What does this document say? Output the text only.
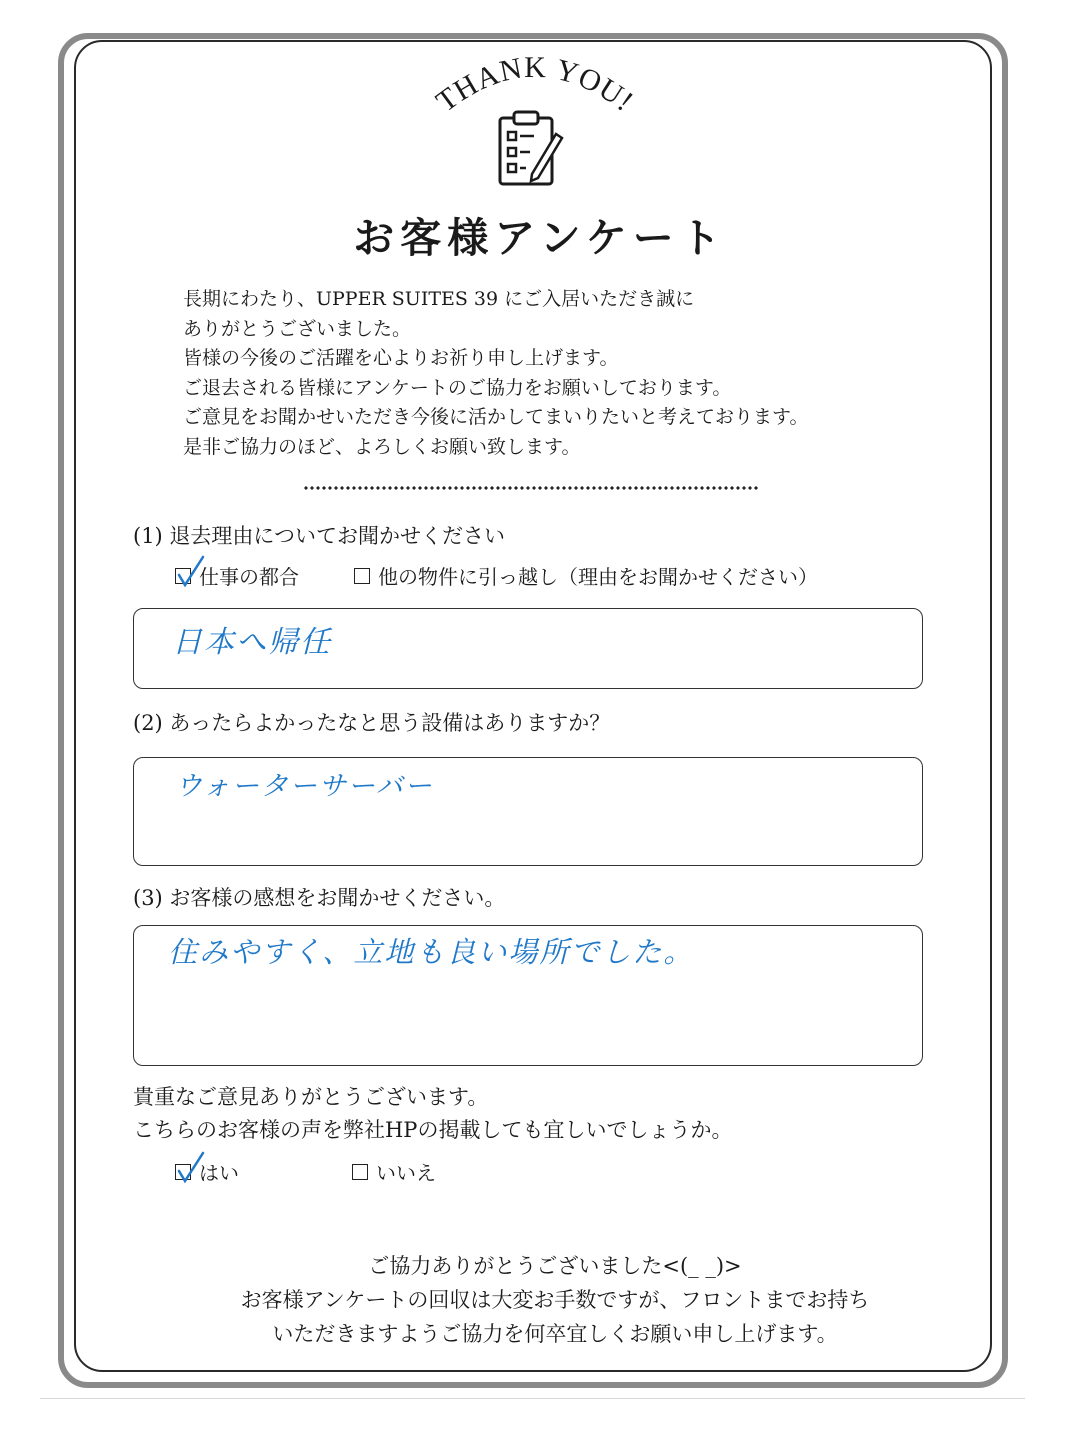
THANK YOU!
お客様アンケート
長期にわたり、UPPER SUITES 39 にご入居いただき誠に
ありがとうございました。
皆様の今後のご活躍を心よりお祈り申し上げます。
ご退去される皆様にアンケートのご協力をお願いしております。
ご意見をお聞かせいただき今後に活かしてまいりたいと考えております。
是非ご協力のほど、よろしくお願い致します。
(1) 退去理由についてお聞かせください
仕事の都合	他の物件に引っ越し（理由をお聞かせください）
日本へ帰任
(2) あったらよかったなと思う設備はありますか？
ウォーターサーバー
(3) お客様の感想をお聞かせください。
住みやすく、立地も良い場所でした。
貴重なご意見ありがとうございます。
こちらのお客様の声を弊社HPの掲載しても宜しいでしょうか。
はい	いいえ
ご協力ありがとうございました<(_ _)>
お客様アンケートの回収は大変お手数ですが、フロントまでお持ち
いただきますようご協力を何卒宜しくお願い申し上げます。
